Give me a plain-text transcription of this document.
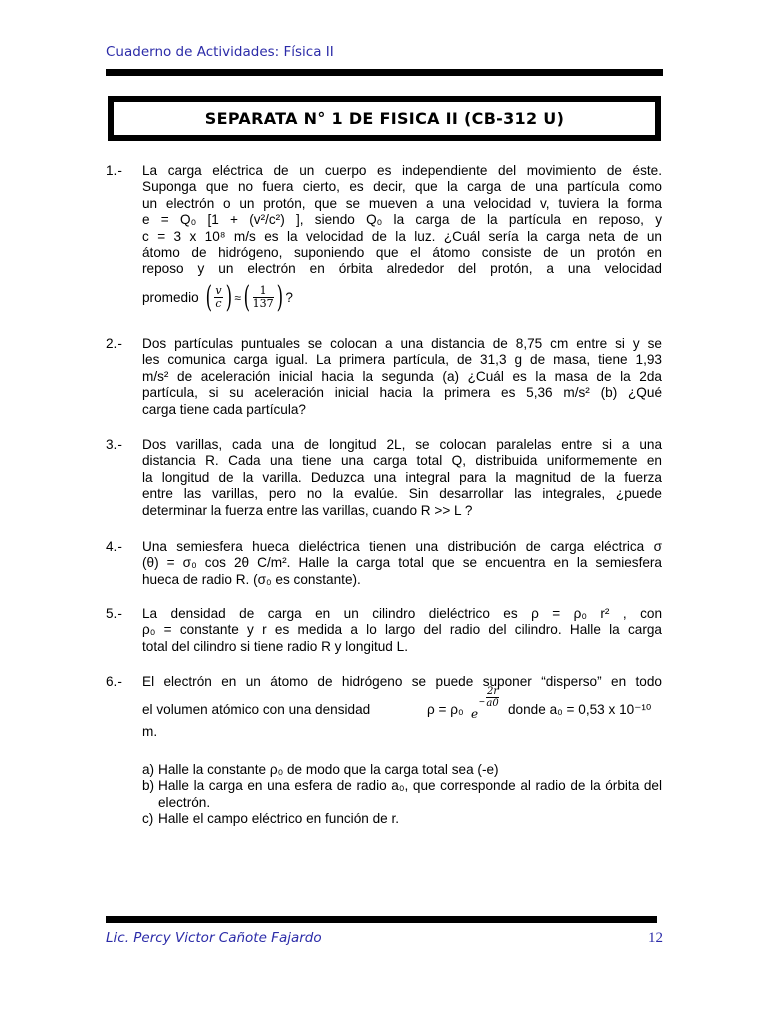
Cuaderno de Actividades: Física II
SEPARATA N° 1 DE FISICA II (CB-312 U)
1.- La carga eléctrica de un cuerpo es independiente del movimiento de éste.
Suponga que no fuera cierto, es decir, que la carga de una partícula como
un electrón o un protón, que se mueven a una velocidad v, tuviera la forma
e = Q₀ [1 + (v²/c²) ], siendo Q₀ la carga de la partícula en reposo, y
c = 3 x 10⁸ m/s es la velocidad de la luz. ¿Cuál sería la carga neta de un
átomo de hidrógeno, suponiendo que el átomo consiste de un protón en
reposo y un electrón en órbita alrededor del protón, a una velocidad
promedio ( $\frac{v}{c}$ ) ≈ ( $\frac{1}{137}$ ) ?
2.- Dos partículas puntuales se colocan a una distancia de 8,75 cm entre si y se
les comunica carga igual. La primera partícula, de 31,3 g de masa, tiene 1,93
m/s² de aceleración inicial hacia la segunda (a) ¿Cuál es la masa de la 2da
partícula, si su aceleración inicial hacia la primera es 5,36 m/s² (b) ¿Qué
carga tiene cada partícula?
3.- Dos varillas, cada una de longitud 2L, se colocan paralelas entre si a una
distancia R. Cada una tiene una carga total Q, distribuida uniformemente en
la longitud de la varilla. Deduzca una integral para la magnitud de la fuerza
entre las varillas, pero no la evalúe. Sin desarrollar las integrales, ¿puede
determinar la fuerza entre las varillas, cuando R >> L ?
4.- Una semiesfera hueca dieléctrica tienen una distribución de carga eléctrica σ
(θ) = σ₀ cos 2θ C/m². Halle la carga total que se encuentra en la semiesfera
hueca de radio R. (σ₀ es constante).
5.- La densidad de carga en un cilindro dieléctrico es ρ = ρ₀ r² , con
ρ₀ = constante y r es medida a lo largo del radio del cilindro. Halle la carga
total del cilindro si tiene radio R y longitud L.
6.- El electrón en un átomo de hidrógeno se puede suponer “disperso” en todo
el volumen atómico con una densidad	ρ = ρ₀ e
− $\frac{2r}{a0}$
donde a₀ = 0,53 x 10⁻¹⁰
m.
a) Halle la constante ρ₀ de modo que la carga total sea (-e)
b) Halle la carga en una esfera de radio a₀, que corresponde al radio de la órbita del electrón.
c) Halle el campo eléctrico en función de r.
Lic. Percy Victor Cañote Fajardo	12
